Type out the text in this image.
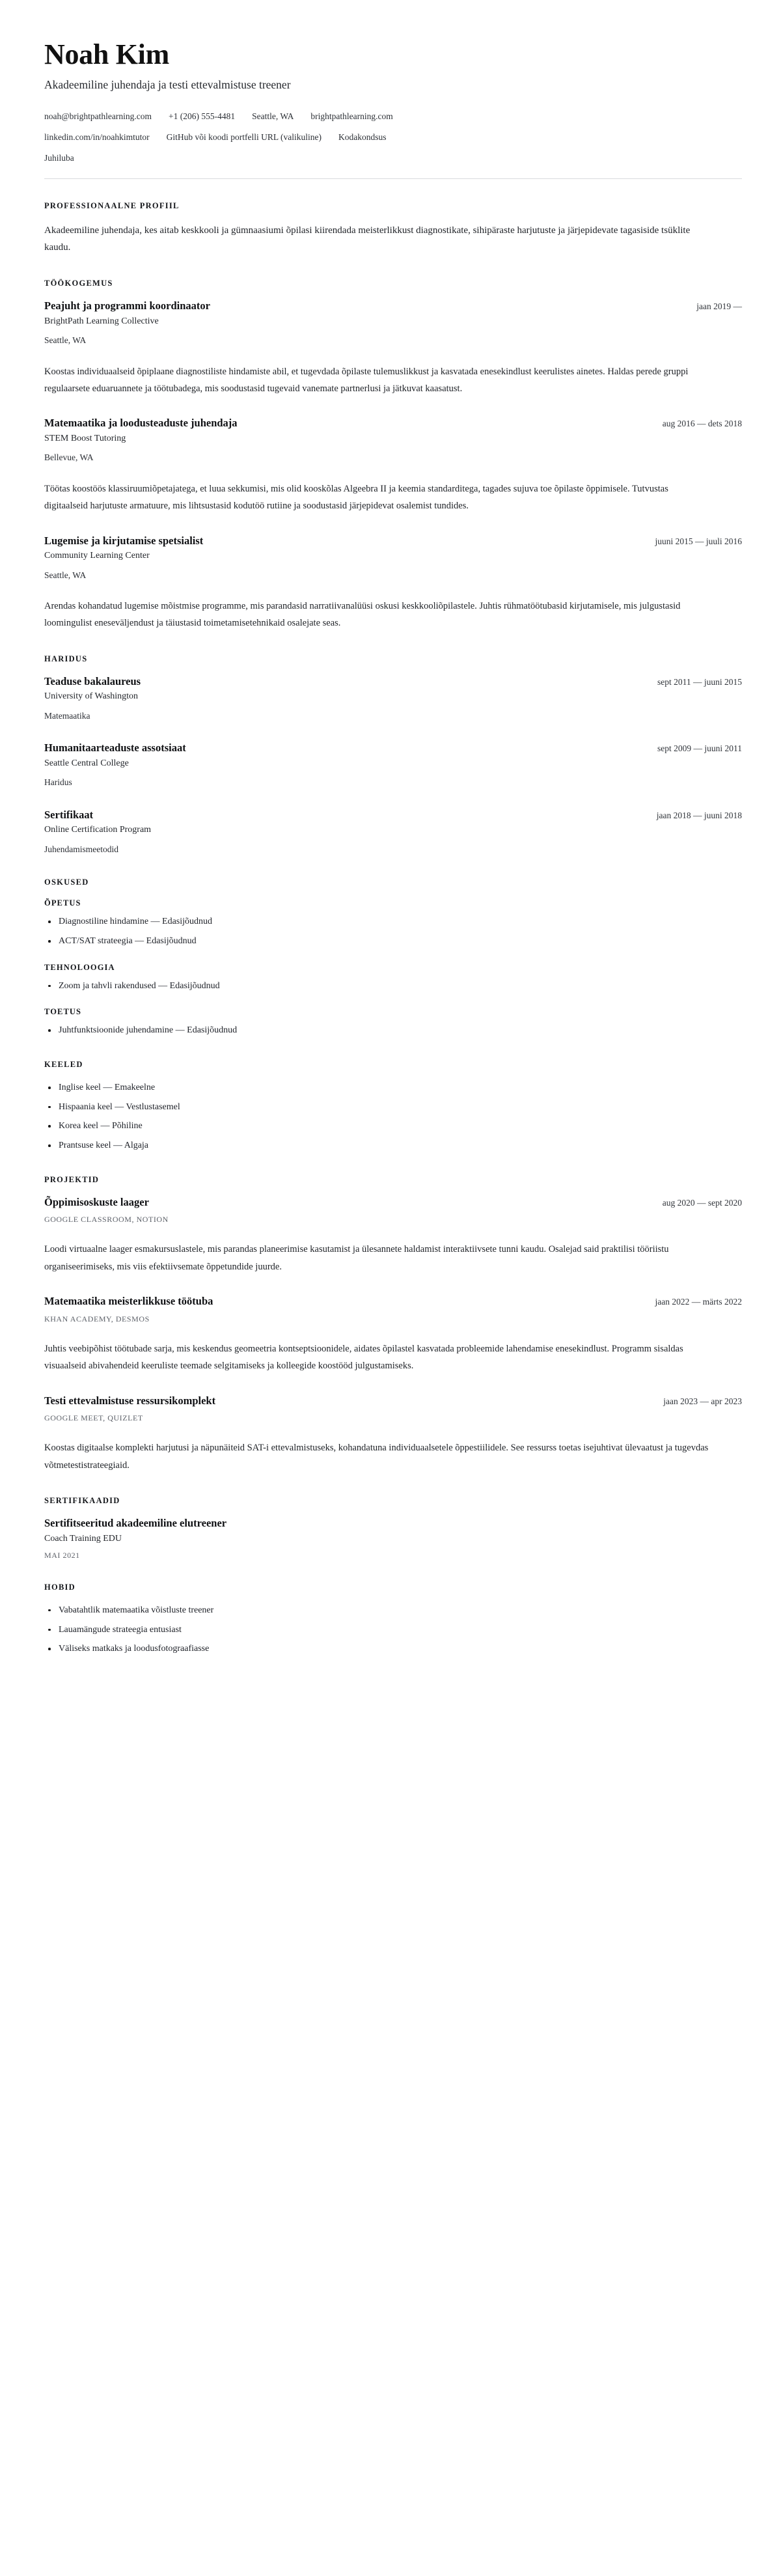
Noah Kim

Akadeemiline juhendaja ja testi ettevalmistuse treener

noah@brightpathlearning.com +1 (206) 555-4481 Seattle, WA brightpathlearning.com
linkedin.com/in/noahkimtutor GitHub või koodi portfelli URL (valikuline) Kodakondsus
Juhiluba
PROFESSIONAALNE PROFIIL

Akadeemiline juhendaja, kes aitab keskkooli ja gümnaasiumi õpilasi kiirendada meisterlikkust diagnostikate, sihipäraste harjutuste ja järjepidevate tagasiside tsüklite kaudu.

TÖÖKOGEMUS
Peajuht ja programmi koordinaator	jaan 2019 —
BrightPath Learning Collective
Seattle, WA

Koostas individuaalseid õpiplaane diagnostiliste hindamiste abil, et tugevdada õpilaste tulemuslikkust ja kasvatada enesekindlust keerulistes ainetes. Haldas perede gruppi regulaarsete eduaruannete ja töötubadega, mis soodustasid tugevaid vanemate partnerlusi ja jätkuvat kaasatust.

Matemaatika ja loodusteaduste juhendaja	aug 2016 — dets 2018
STEM Boost Tutoring
Bellevue, WA

Töötas koostöös klassiruumiõpetajatega, et luua sekkumisi, mis olid kooskõlas Algeebra II ja keemia standarditega, tagades sujuva toe õpilaste õppimisele. Tutvustas digitaalseid harjutuste armatuure, mis lihtsustasid kodutöö rutiine ja soodustasid järjepidevat osalemist tundides.

Lugemise ja kirjutamise spetsialist	juuni 2015 — juuli 2016
Community Learning Center
Seattle, WA

Arendas kohandatud lugemise mõistmise programme, mis parandasid narratiivanalüüsi oskusi keskkooliõpilastele. Juhtis rühmatöötubasid kirjutamisele, mis julgustasid loomingulist eneseväljendust ja täiustasid toimetamisetehnikaid osalejate seas.

HARIDUS
Teaduse bakalaureus	sept 2011 — juuni 2015
University of Washington
Matemaatika
Humanitaarteaduste assotsiaat	sept 2009 — juuni 2011
Seattle Central College
Haridus
Sertifikaat	jaan 2018 — juuni 2018
Online Certification Program
Juhendamismeetodid
OSKUSED
ÕPETUS
Diagnostiline hindamine — Edasijõudnud
ACT/SAT strateegia — Edasijõudnud
TEHNOLOOGIA
Zoom ja tahvli rakendused — Edasijõudnud
TOETUS
Juhtfunktsioonide juhendamine — Edasijõudnud
KEELED
Inglise keel — Emakeelne
Hispaania keel — Vestlustasemel
Korea keel — Põhiline
Prantsuse keel — Algaja
PROJEKTID
Õppimisoskuste laager	aug 2020 — sept 2020
GOOGLE CLASSROOM, NOTION

Loodi virtuaalne laager esmakursuslastele, mis parandas planeerimise kasutamist ja ülesannete haldamist interaktiivsete tunni kaudu. Osalejad said praktilisi tööriistu organiseerimiseks, mis viis efektiivsemate õppetundide juurde.

Matemaatika meisterlikkuse töötuba	jaan 2022 — märts 2022
KHAN ACADEMY, DESMOS

Juhtis veebipõhist töötubade sarja, mis keskendus geomeetria kontseptsioonidele, aidates õpilastel kasvatada probleemide lahendamise enesekindlust. Programm sisaldas visuaalseid abivahendeid keeruliste teemade selgitamiseks ja kolleegide koostööd julgustamiseks.

Testi ettevalmistuse ressursikomplekt	jaan 2023 — apr 2023
GOOGLE MEET, QUIZLET

Koostas digitaalse komplekti harjutusi ja näpunäiteid SAT-i ettevalmistuseks, kohandatuna individuaalsetele õppestiilidele. See ressurss toetas isejuhtivat ülevaatust ja tugevdas võtmetestistrateegiaid.

SERTIFIKAADID
Sertifitseeritud akadeemiline elutreener
Coach Training EDU
MAI 2021
HOBID
Vabatahtlik matemaatika võistluste treener
Lauamängude strateegia entusiast
Väliseks matkaks ja loodusfotograafiasse
